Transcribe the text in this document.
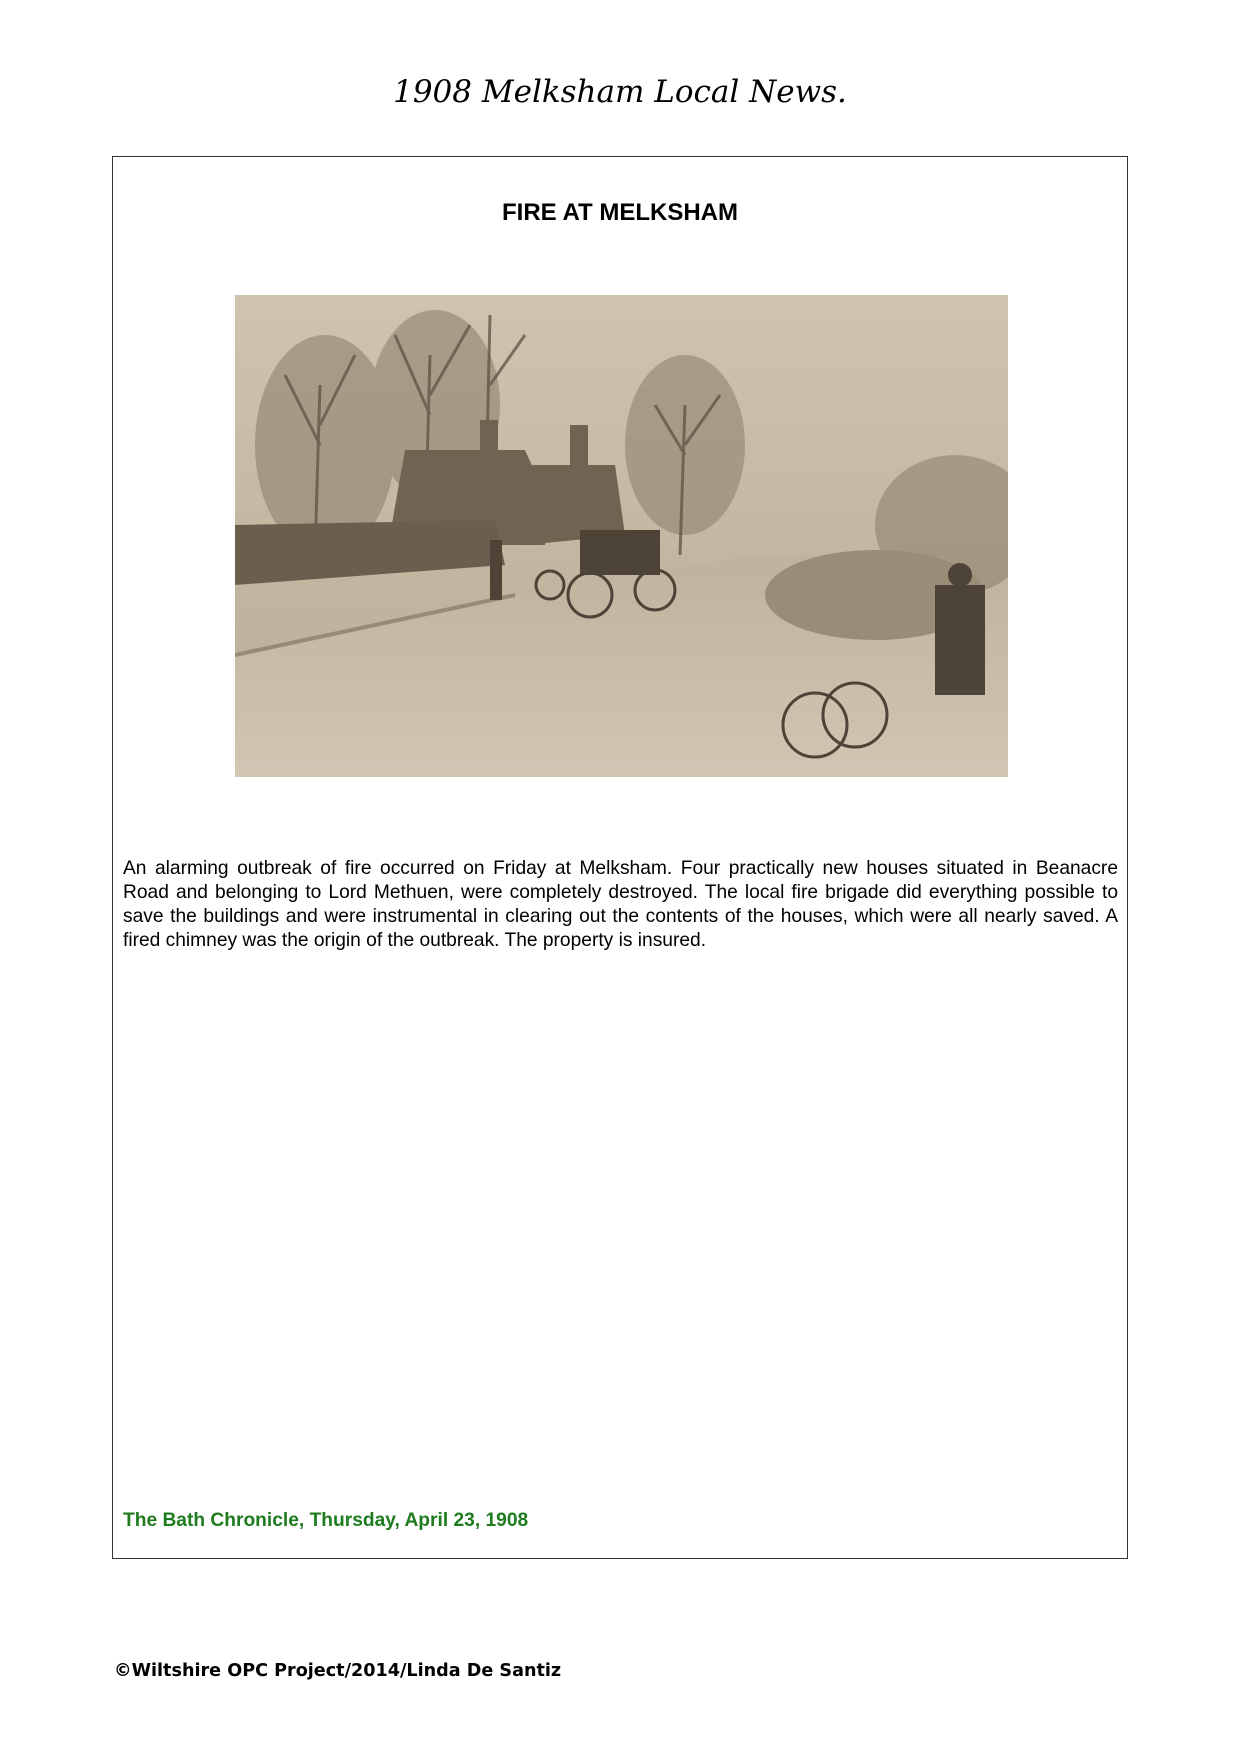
1908 Melksham Local News.
FIRE AT MELKSHAM

An alarming outbreak of fire occurred on Friday at Melksham. Four practically new houses situated in Beanacre Road and belonging to Lord Methuen, were completely destroyed. The local fire brigade did everything possible to save the buildings and were instrumental in clearing out the contents of the houses, which were all nearly saved. A fired chimney was the origin of the outbreak. The property is insured.

The Bath Chronicle, Thursday, April 23, 1908

©Wiltshire OPC Project/2014/Linda De Santiz
